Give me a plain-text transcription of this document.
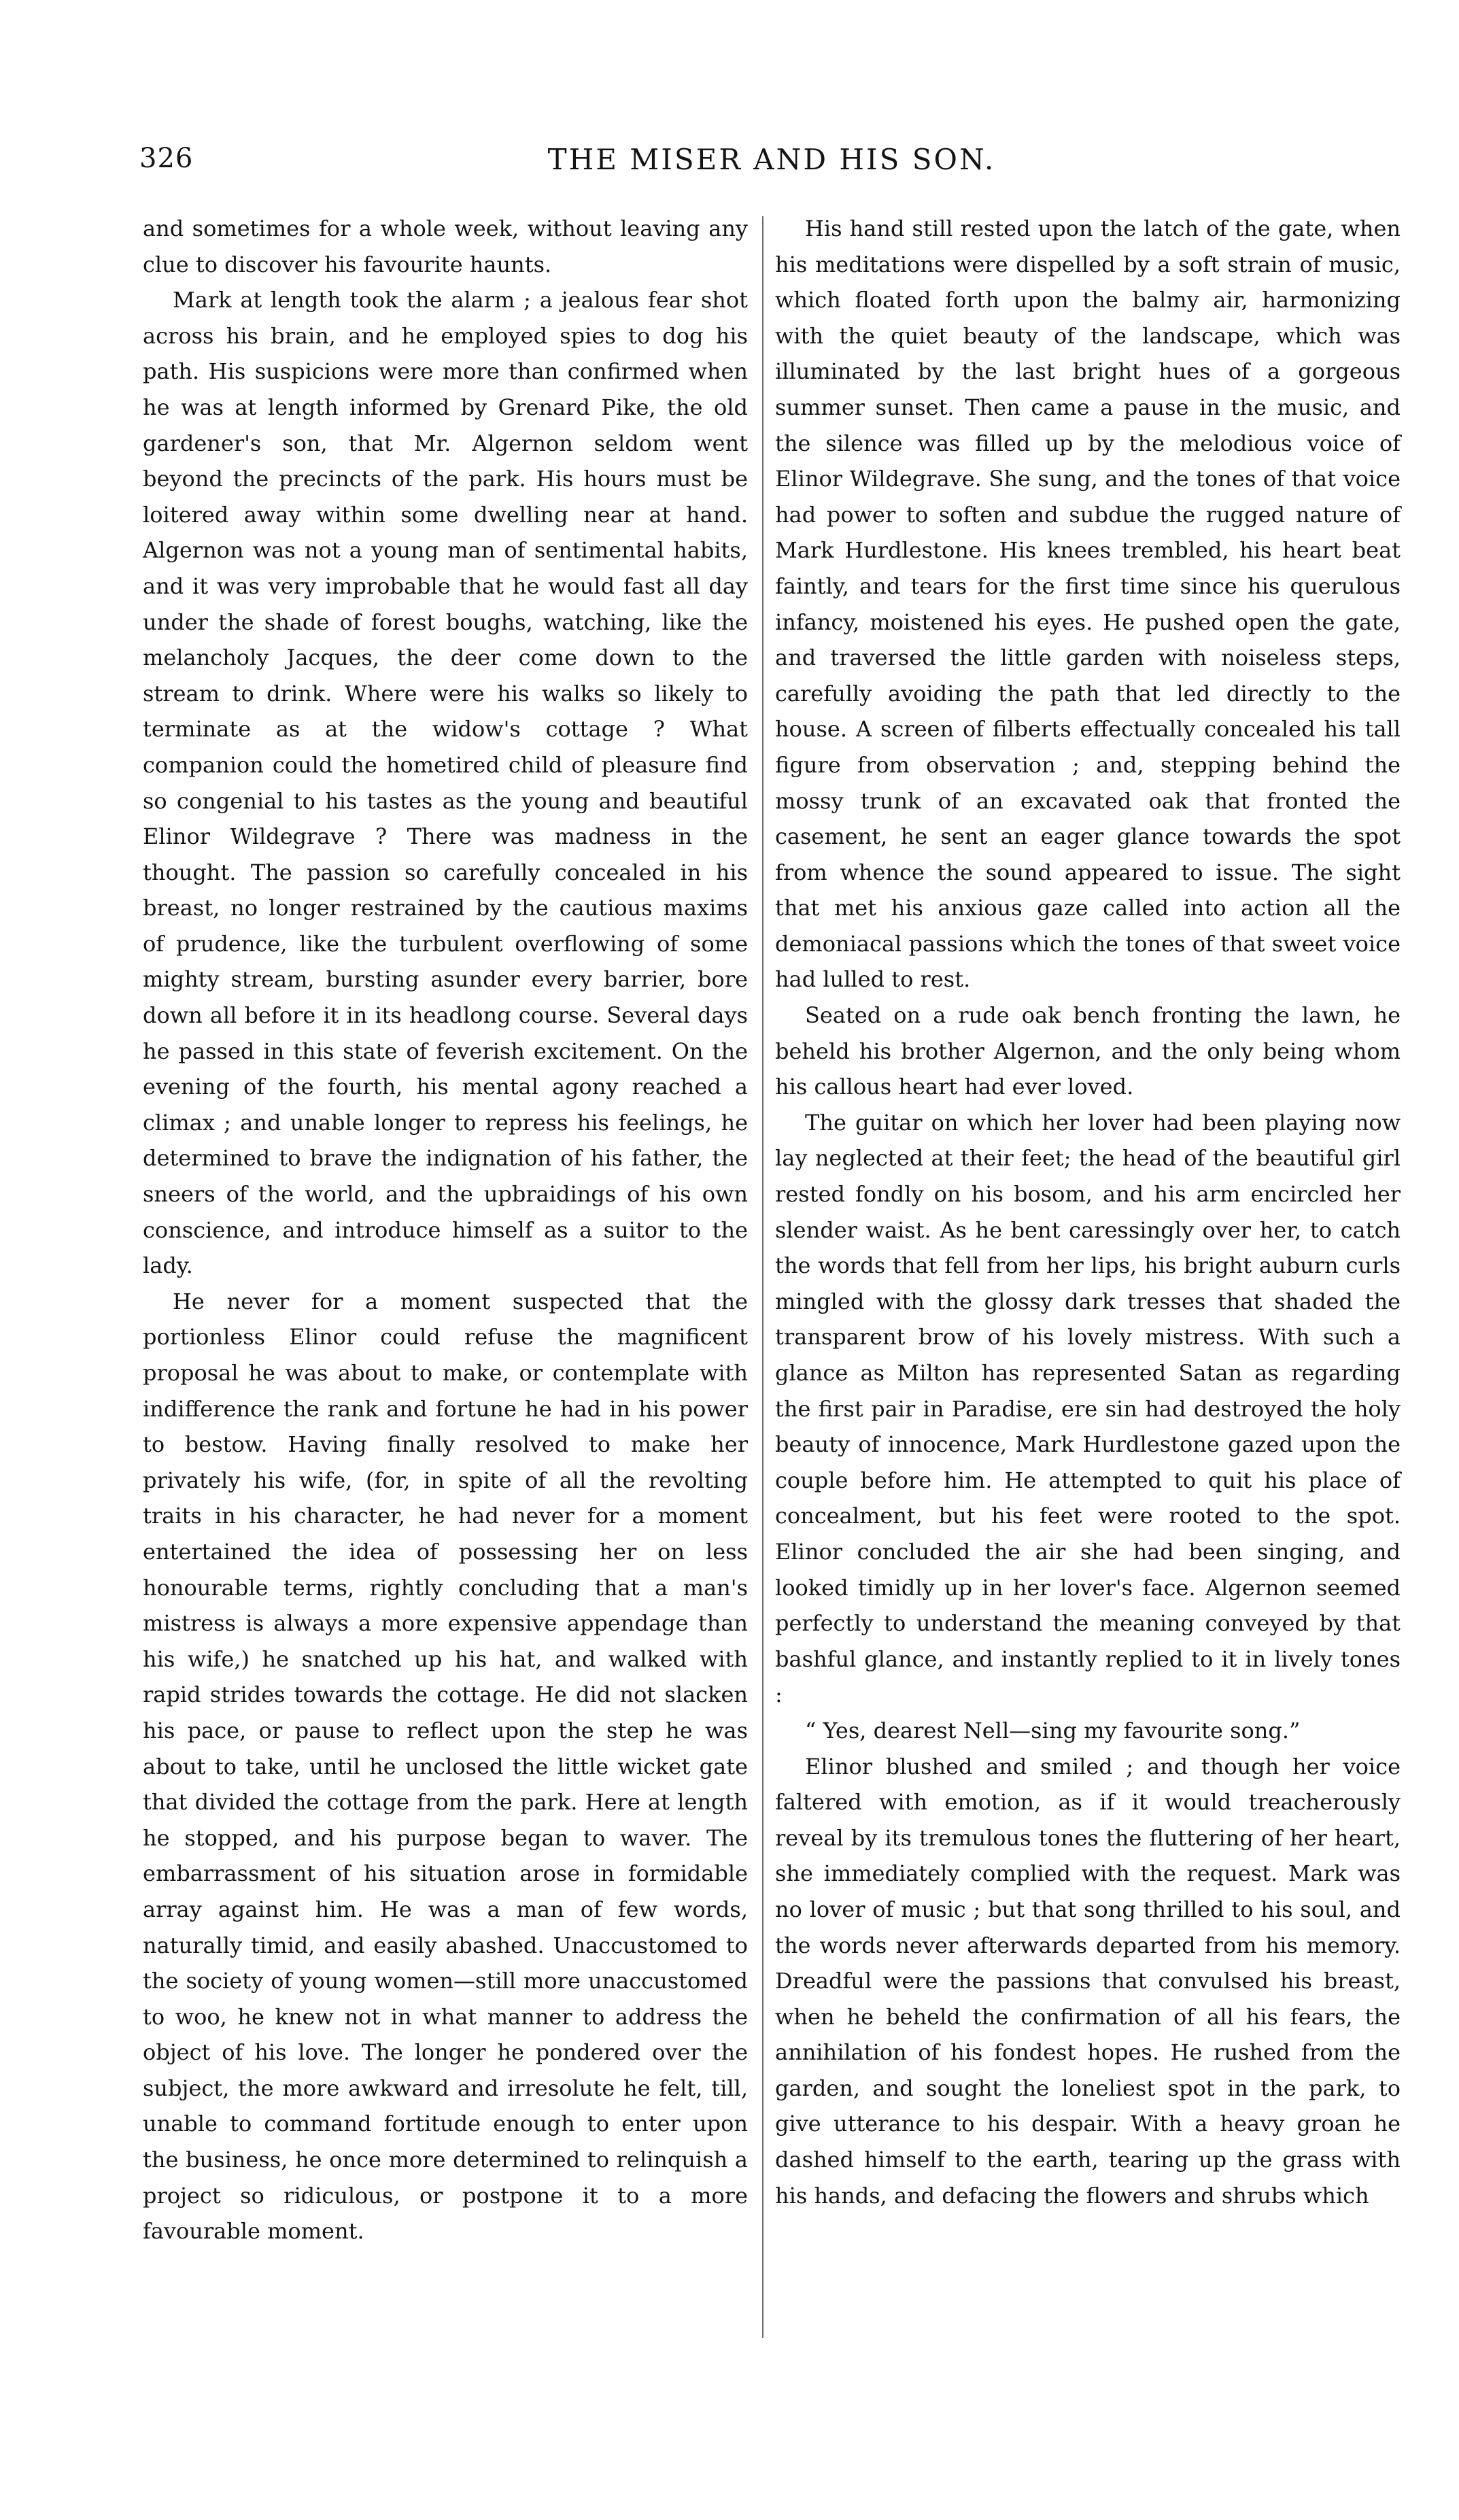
326	THE MISER AND HIS SON.

and sometimes for a whole week, without leaving any clue to discover his favourite haunts.

Mark at length took the alarm ; a jealous fear shot across his brain, and he employed spies to dog his path. His suspicions were more than confirmed when he was at length informed by Grenard Pike, the old gardener's son, that Mr. Algernon seldom went beyond the precincts of the park. His hours must be loitered away within some dwelling near at hand. Algernon was not a young man of sentimental habits, and it was very improbable that he would fast all day under the shade of forest boughs, watching, like the melancholy Jacques, the deer come down to the stream to drink. Where were his walks so likely to terminate as at the widow's cottage ? What companion could the hometired child of pleasure find so congenial to his tastes as the young and beautiful Elinor Wildegrave ? There was madness in the thought. The passion so carefully concealed in his breast, no longer restrained by the cautious maxims of prudence, like the turbulent overflowing of some mighty stream, bursting asunder every barrier, bore down all before it in its headlong course. Several days he passed in this state of feverish excitement. On the evening of the fourth, his mental agony reached a climax ; and unable longer to repress his feelings, he determined to brave the indignation of his father, the sneers of the world, and the upbraidings of his own conscience, and introduce himself as a suitor to the lady.

He never for a moment suspected that the portionless Elinor could refuse the magnificent proposal he was about to make, or contemplate with indifference the rank and fortune he had in his power to bestow. Having finally resolved to make her privately his wife, (for, in spite of all the revolting traits in his character, he had never for a moment entertained the idea of possessing her on less honourable terms, rightly concluding that a man's mistress is always a more expensive appendage than his wife,) he snatched up his hat, and walked with rapid strides towards the cottage. He did not slacken his pace, or pause to reflect upon the step he was about to take, until he unclosed the little wicket gate that divided the cottage from the park. Here at length he stopped, and his purpose began to waver. The embarrassment of his situation arose in formidable array against him. He was a man of few words, naturally timid, and easily abashed. Unaccustomed to the society of young women—still more unaccustomed to woo, he knew not in what manner to address the object of his love. The longer he pondered over the subject, the more awkward and irresolute he felt, till, unable to command fortitude enough to enter upon the business, he once more determined to relinquish a project so ridiculous, or postpone it to a more favourable moment.

His hand still rested upon the latch of the gate, when his meditations were dispelled by a soft strain of music, which floated forth upon the balmy air, harmonizing with the quiet beauty of the landscape, which was illuminated by the last bright hues of a gorgeous summer sunset. Then came a pause in the music, and the silence was filled up by the melodious voice of Elinor Wildegrave. She sung, and the tones of that voice had power to soften and subdue the rugged nature of Mark Hurdlestone. His knees trembled, his heart beat faintly, and tears for the first time since his querulous infancy, moistened his eyes. He pushed open the gate, and traversed the little garden with noiseless steps, carefully avoiding the path that led directly to the house. A screen of filberts effectually concealed his tall figure from observation ; and, stepping behind the mossy trunk of an excavated oak that fronted the casement, he sent an eager glance towards the spot from whence the sound appeared to issue. The sight that met his anxious gaze called into action all the demoniacal passions which the tones of that sweet voice had lulled to rest.

Seated on a rude oak bench fronting the lawn, he beheld his brother Algernon, and the only being whom his callous heart had ever loved.

The guitar on which her lover had been playing now lay neglected at their feet; the head of the beautiful girl rested fondly on his bosom, and his arm encircled her slender waist. As he bent caressingly over her, to catch the words that fell from her lips, his bright auburn curls mingled with the glossy dark tresses that shaded the transparent brow of his lovely mistress. With such a glance as Milton has represented Satan as regarding the first pair in Paradise, ere sin had destroyed the holy beauty of innocence, Mark Hurdlestone gazed upon the couple before him. He attempted to quit his place of concealment, but his feet were rooted to the spot. Elinor concluded the air she had been singing, and looked timidly up in her lover's face. Algernon seemed perfectly to understand the meaning conveyed by that bashful glance, and instantly replied to it in lively tones :

“ Yes, dearest Nell—sing my favourite song.”

Elinor blushed and smiled ; and though her voice faltered with emotion, as if it would treacherously reveal by its tremulous tones the fluttering of her heart, she immediately complied with the request. Mark was no lover of music ; but that song thrilled to his soul, and the words never afterwards departed from his memory. Dreadful were the passions that convulsed his breast, when he beheld the confirmation of all his fears, the annihilation of his fondest hopes. He rushed from the garden, and sought the loneliest spot in the park, to give utterance to his despair. With a heavy groan he dashed himself to the earth, tearing up the grass with his hands, and defacing the flowers and shrubs which
